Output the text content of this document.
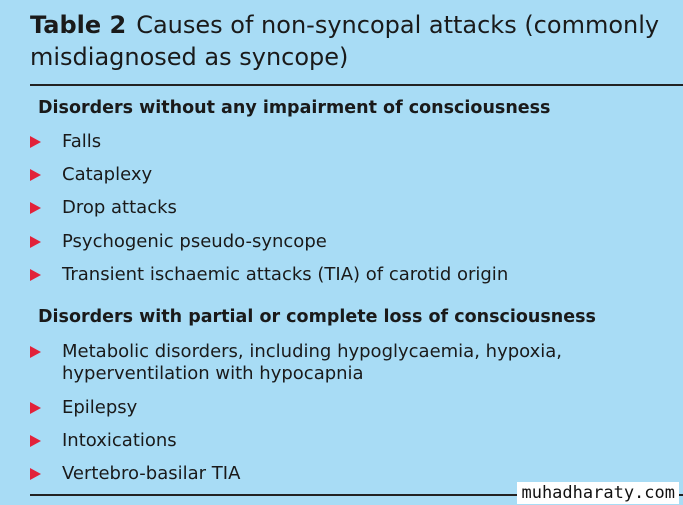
Table 2 Causes of non-syncopal attacks (commonly misdiagnosed as syncope)
Disorders without any impairment of consciousness
Falls
Cataplexy
Drop attacks
Psychogenic pseudo-syncope
Transient ischaemic attacks (TIA) of carotid origin
Disorders with partial or complete loss of consciousness
Metabolic disorders, including hypoglycaemia, hypoxia, hyperventilation with hypocapnia
Epilepsy
Intoxications
Vertebro-basilar TIA
muhadharaty.com
